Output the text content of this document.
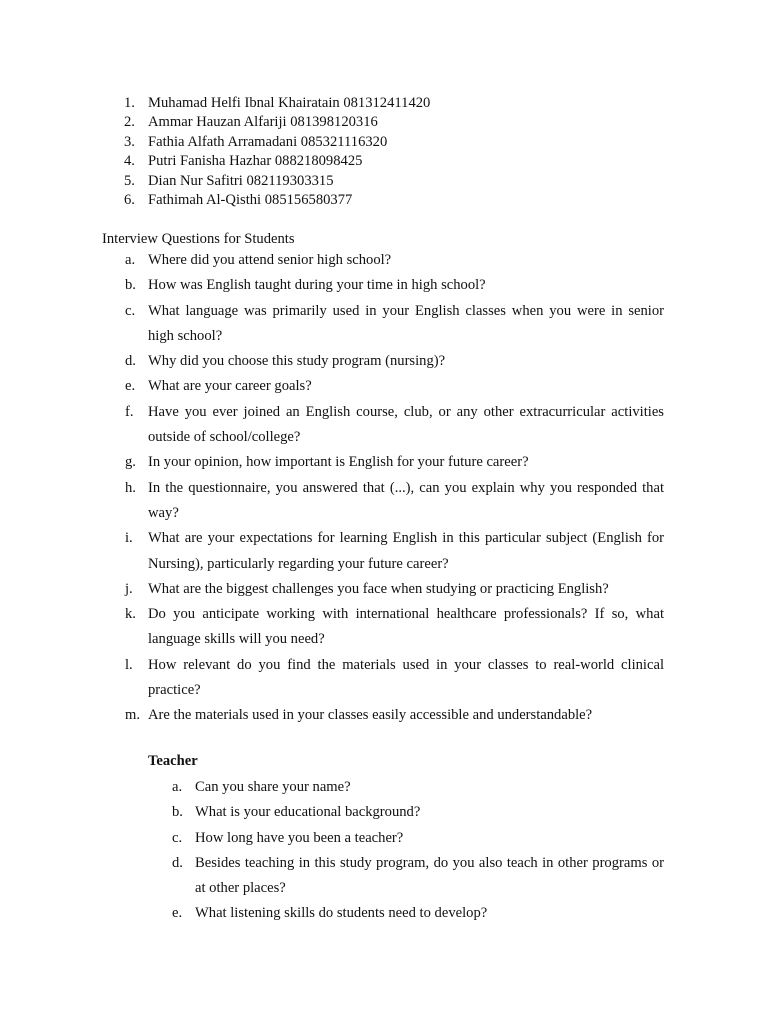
1. Muhamad Helfi Ibnal Khairatain 081312411420
2. Ammar Hauzan Alfariji 081398120316
3. Fathia Alfath Arramadani 085321116320
4. Putri Fanisha Hazhar 088218098425
5. Dian Nur Safitri 082119303315
6. Fathimah Al-Qisthi 085156580377
Interview Questions for Students
a. Where did you attend senior high school?
b. How was English taught during your time in high school?
c. What language was primarily used in your English classes when you were in senior high school?
d. Why did you choose this study program (nursing)?
e. What are your career goals?
f. Have you ever joined an English course, club, or any other extracurricular activities outside of school/college?
g. In your opinion, how important is English for your future career?
h. In the questionnaire, you answered that (...), can you explain why you responded that way?
i. What are your expectations for learning English in this particular subject (English for Nursing), particularly regarding your future career?
j. What are the biggest challenges you face when studying or practicing English?
k. Do you anticipate working with international healthcare professionals? If so, what language skills will you need?
l. How relevant do you find the materials used in your classes to real-world clinical practice?
m. Are the materials used in your classes easily accessible and understandable?
Teacher
a. Can you share your name?
b. What is your educational background?
c. How long have you been a teacher?
d. Besides teaching in this study program, do you also teach in other programs or at other places?
e. What listening skills do students need to develop?
